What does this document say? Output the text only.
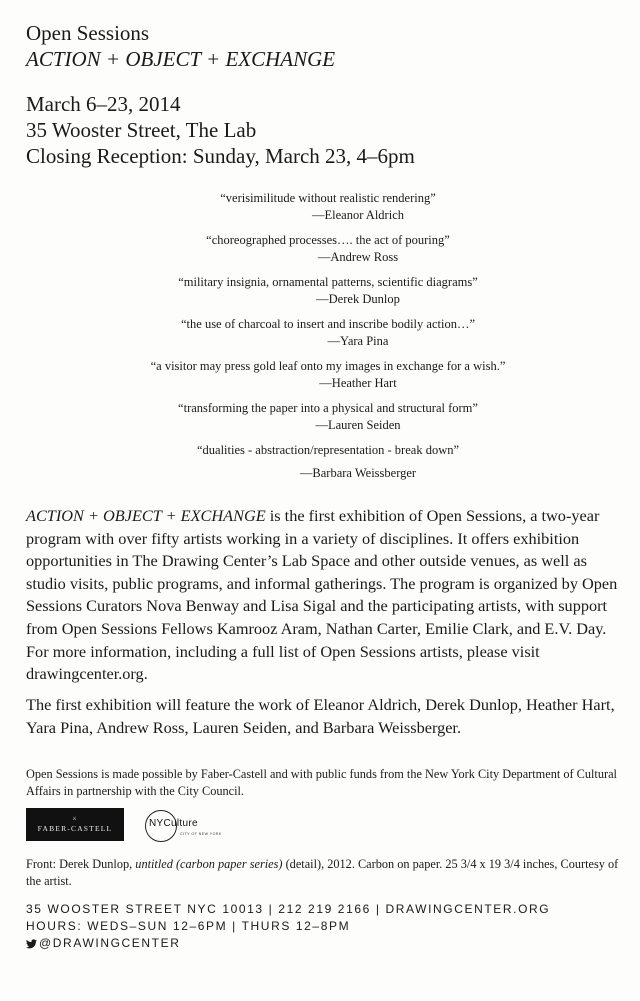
Open Sessions
ACTION + OBJECT + EXCHANGE
March 6–23, 2014
35 Wooster Street, The Lab
Closing Reception: Sunday, March 23, 4–6pm
“verisimilitude without realistic rendering”
—Eleanor Aldrich
“choreographed processes…. the act of pouring”
—Andrew Ross
“military insignia, ornamental patterns, scientific diagrams”
—Derek Dunlop
“the use of charcoal to insert and inscribe bodily action…”
—Yara Pina
“a visitor may press gold leaf onto my images in exchange for a wish.”
—Heather Hart
“transforming the paper into a physical and structural form”
—Lauren Seiden
“dualities - abstraction/representation - break down”
—Barbara Weissberger
ACTION + OBJECT + EXCHANGE is the first exhibition of Open Sessions, a two-year program with over fifty artists working in a variety of disciplines. It offers exhibition opportunities in The Drawing Center’s Lab Space and other outside venues, as well as studio visits, public programs, and informal gatherings. The program is organized by Open Sessions Curators Nova Benway and Lisa Sigal and the participating artists, with support from Open Sessions Fellows Kamrooz Aram, Nathan Carter, Emilie Clark, and E.V. Day. For more information, including a full list of Open Sessions artists, please visit drawingcenter.org.
The first exhibition will feature the work of Eleanor Aldrich, Derek Dunlop, Heather Hart, Yara Pina, Andrew Ross, Lauren Seiden, and Barbara Weissberger.
Open Sessions is made possible by Faber-Castell and with public funds from the New York City Department of Cultural Affairs in partnership with the City Council.
⚔
FABER-CASTELL	NYCulture
CITY OF NEW YORK
Front: Derek Dunlop, untitled (carbon paper series) (detail), 2012. Carbon on paper. 25 3/4 x 19 3/4 inches, Courtesy of the artist.
35 WOOSTER STREET NYC 10013 | 212 219 2166 | DRAWINGCENTER.ORG
HOURS: WEDS–SUN 12–6PM | THURS 12–8PM
@DRAWINGCENTER
